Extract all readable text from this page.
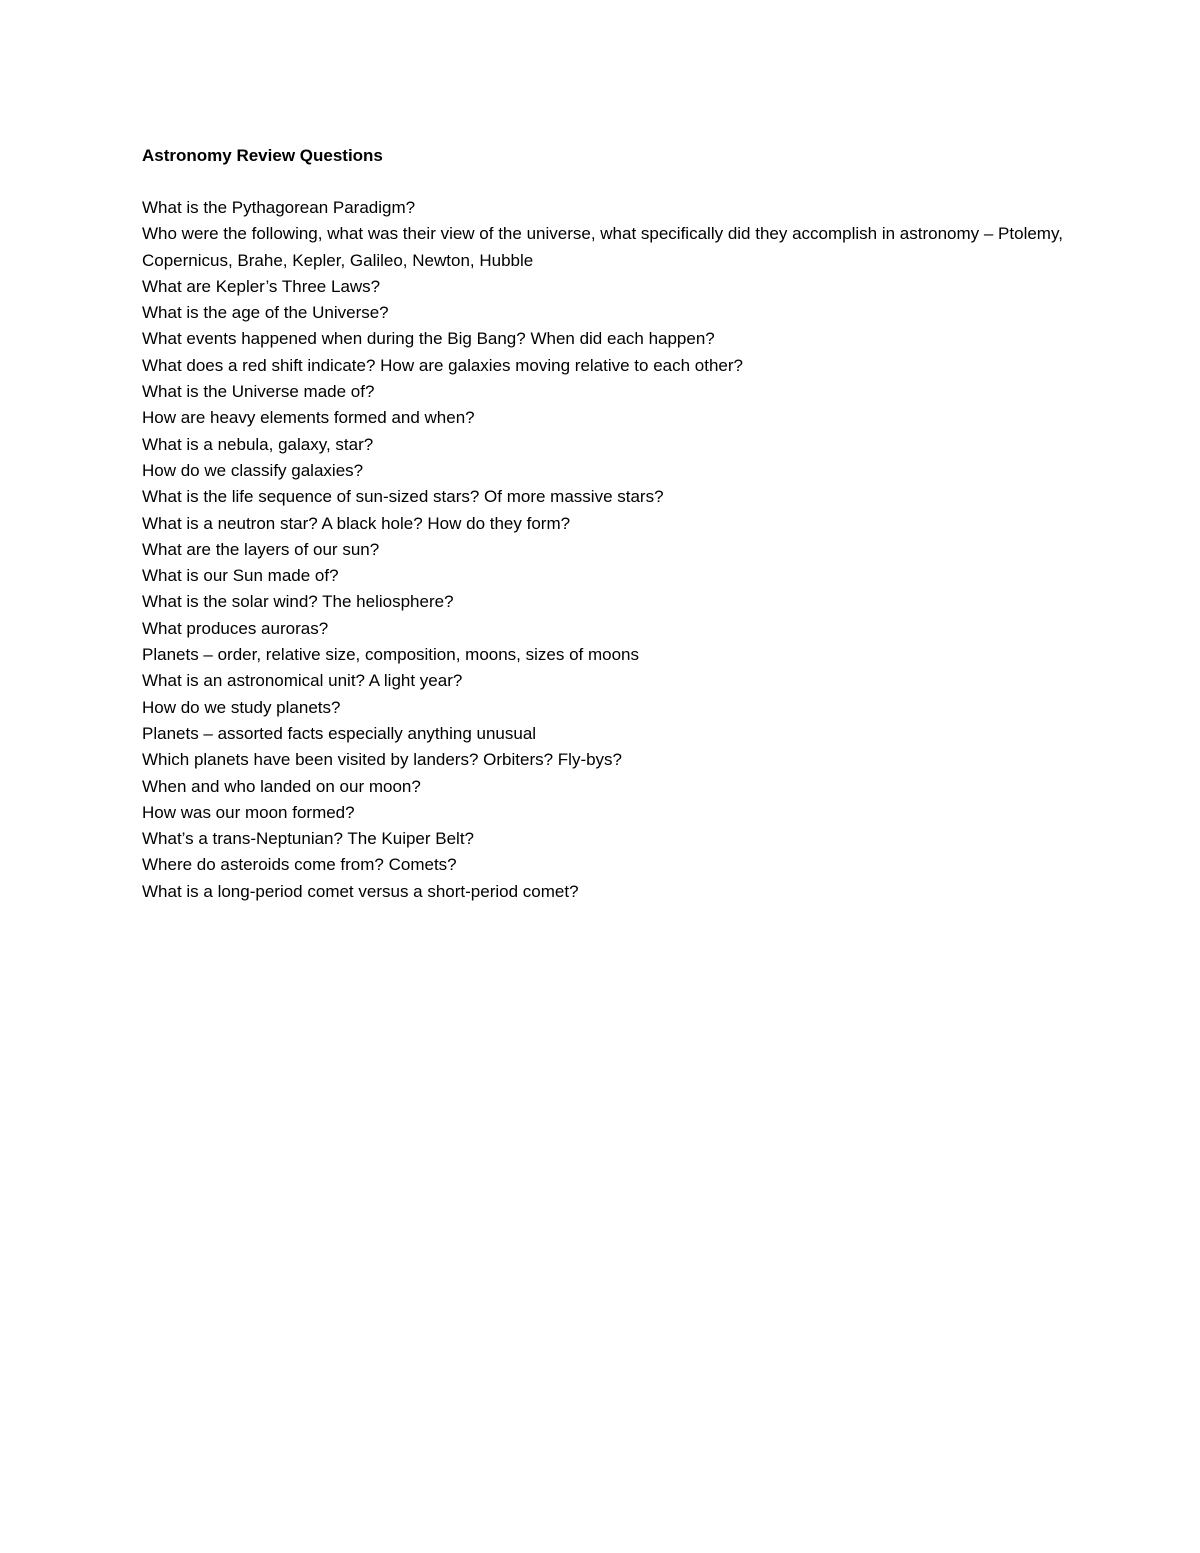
Astronomy Review Questions
What is the Pythagorean Paradigm?
Who were the following, what was their view of the universe, what specifically did they accomplish in astronomy – Ptolemy, Copernicus, Brahe, Kepler, Galileo, Newton, Hubble
What are Kepler’s Three Laws?
What is the age of the Universe?
What events happened when during the Big Bang? When did each happen?
What does a red shift indicate? How are galaxies moving relative to each other?
What is the Universe made of?
How are heavy elements formed and when?
What is a nebula, galaxy, star?
How do we classify galaxies?
What is the life sequence of sun-sized stars? Of more massive stars?
What is a neutron star? A black hole? How do they form?
What are the layers of our sun?
What is our Sun made of?
What is the solar wind? The heliosphere?
What produces auroras?
Planets – order, relative size, composition, moons, sizes of moons
What is an astronomical unit? A light year?
How do we study planets?
Planets – assorted facts especially anything unusual
Which planets have been visited by landers? Orbiters? Fly-bys?
When and who landed on our moon?
How was our moon formed?
What’s a trans-Neptunian? The Kuiper Belt?
Where do asteroids come from? Comets?
What is a long-period comet versus a short-period comet?
